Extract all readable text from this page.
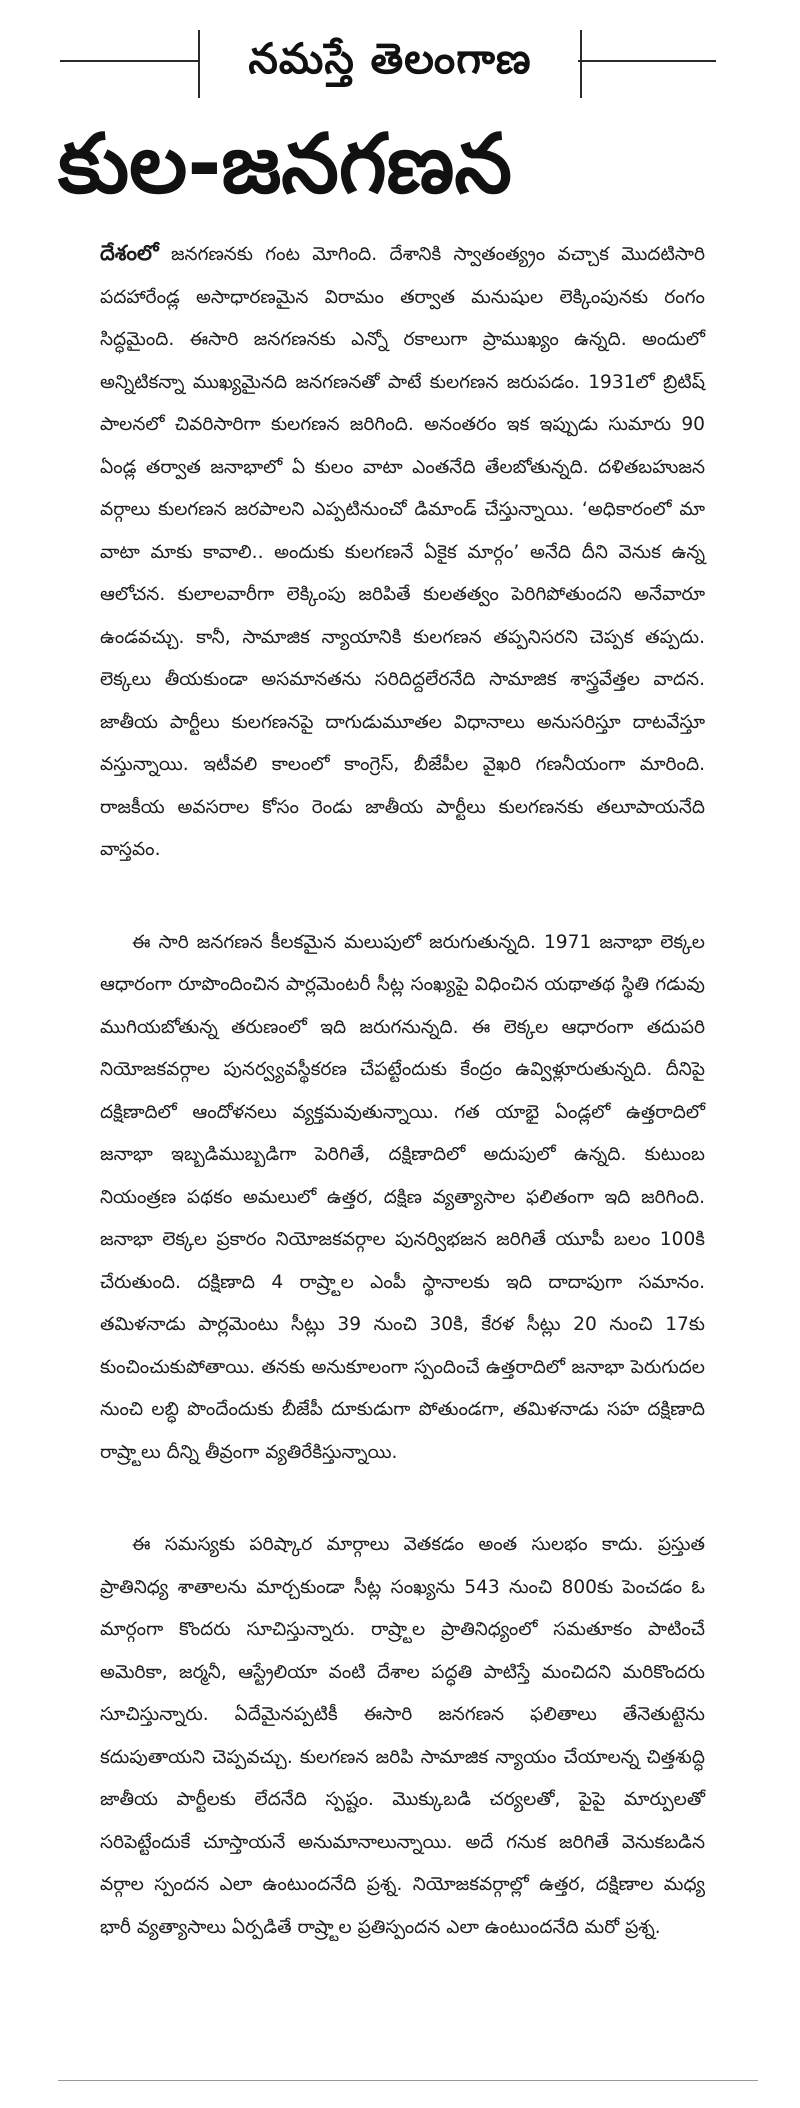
నమస్తే తెలంగాణ
కుల-జనగణన

దేశంలో జనగణనకు గంట మోగింది. దేశానికి స్వాతంత్య్రం వచ్చాక మొదటిసారి పదహారేండ్ల అసాధారణమైన విరామం తర్వాత మనుషుల లెక్కింపునకు రంగం సిద్ధమైంది. ఈసారి జనగణనకు ఎన్నో రకాలుగా ప్రాముఖ్యం ఉన్నది. అందులో అన్నిటికన్నా ముఖ్యమైనది జనగణనతో పాటే కులగణన జరుపడం. 1931లో బ్రిటిష్ పాలనలో చివరిసారిగా కులగణన జరిగింది. అనంతరం ఇక ఇప్పుడు సుమారు 90 ఏండ్ల తర్వాత జనాభాలో ఏ కులం వాటా ఎంతనేది తేలబోతున్నది. దళితబహుజన వర్గాలు కులగణన జరపాలని ఎప్పటినుంచో డిమాండ్ చేస్తున్నాయి. ‘అధికారంలో మా వాటా మాకు కావాలి.. అందుకు కులగణనే ఏకైక మార్గం’ అనేది దీని వెనుక ఉన్న ఆలోచన. కులాలవారీగా లెక్కింపు జరిపితే కులతత్వం పెరిగిపోతుందని అనేవారూ ఉండవచ్చు. కానీ, సామాజిక న్యాయానికి కులగణన తప్పనిసరని చెప్పక తప్పదు. లెక్కలు తీయకుండా అసమానతను సరిదిద్దలేరనేది సామాజిక శాస్త్రవేత్తల వాదన. జాతీయ పార్టీలు కులగణనపై దాగుడుమూతల విధానాలు అనుసరిస్తూ దాటవేస్తూ వస్తున్నాయి. ఇటీవలి కాలంలో కాంగ్రెస్, బీజేపీల వైఖరి గణనీయంగా మారింది. రాజకీయ అవసరాల కోసం రెండు జాతీయ పార్టీలు కులగణనకు తలూపాయనేది వాస్తవం.

ఈ సారి జనగణన కీలకమైన మలుపులో జరుగుతున్నది. 1971 జనాభా లెక్కల ఆధారంగా రూపొందించిన పార్లమెంటరీ సీట్ల సంఖ్యపై విధించిన యథాతథ స్థితి గడువు ముగియబోతున్న తరుణంలో ఇది జరుగనున్నది. ఈ లెక్కల ఆధారంగా తదుపరి నియోజకవర్గాల పునర్వ్యవస్థీకరణ చేపట్టేందుకు కేంద్రం ఉవ్విళ్లూరుతున్నది. దీనిపై దక్షిణాదిలో ఆందోళనలు వ్యక్తమవుతున్నాయి. గత యాభై ఏండ్లలో ఉత్తరాదిలో జనాభా ఇబ్బడిముబ్బడిగా పెరిగితే, దక్షిణాదిలో అదుపులో ఉన్నది. కుటుంబ నియంత్రణ పథకం అమలులో ఉత్తర, దక్షిణ వ్యత్యాసాల ఫలితంగా ఇది జరిగింది. జనాభా లెక్కల ప్రకారం నియోజకవర్గాల పునర్విభజన జరిగితే యూపీ బలం 100కి చేరుతుంది. దక్షిణాది 4 రాష్ర్టాల ఎంపీ స్థానాలకు ఇది దాదాపుగా సమానం. తమిళనాడు పార్లమెంటు సీట్లు 39 నుంచి 30కి, కేరళ సీట్లు 20 నుంచి 17కు కుంచించుకుపోతాయి. తనకు అనుకూలంగా స్పందించే ఉత్తరాదిలో జనాభా పెరుగుదల నుంచి లబ్ధి పొందేందుకు బీజేపీ దూకుడుగా పోతుండగా, తమిళనాడు సహ దక్షిణాది రాష్ర్టాలు దీన్ని తీవ్రంగా వ్యతిరేకిస్తున్నాయి.

ఈ సమస్యకు పరిష్కార మార్గాలు వెతకడం అంత సులభం కాదు. ప్రస్తుత ప్రాతినిధ్య శాతాలను మార్చకుండా సీట్ల సంఖ్యను 543 నుంచి 800కు పెంచడం ఓ మార్గంగా కొందరు సూచిస్తున్నారు. రాష్ర్టాల ప్రాతినిధ్యంలో సమతూకం పాటించే అమెరికా, జర్మనీ, ఆస్ట్రేలియా వంటి దేశాల పద్ధతి పాటిస్తే మంచిదని మరికొందరు సూచిస్తున్నారు. ఏదేమైనప్పటికీ ఈసారి జనగణన ఫలితాలు తేనెతుట్టెను కదుపుతాయని చెప్పవచ్చు. కులగణన జరిపి సామాజిక న్యాయం చేయాలన్న చిత్తశుద్ధి జాతీయ పార్టీలకు లేదనేది స్పష్టం. మొక్కుబడి చర్యలతో, పైపై మార్పులతో సరిపెట్టేందుకే చూస్తాయనే అనుమానాలున్నాయి. అదే గనుక జరిగితే వెనుకబడిన వర్గాల స్పందన ఎలా ఉంటుందనేది ప్రశ్న. నియోజకవర్గాల్లో ఉత్తర, దక్షిణాల మధ్య భారీ వ్యత్యాసాలు ఏర్పడితే రాష్ర్టాల ప్రతిస్పందన ఎలా ఉంటుందనేది మరో ప్రశ్న.
